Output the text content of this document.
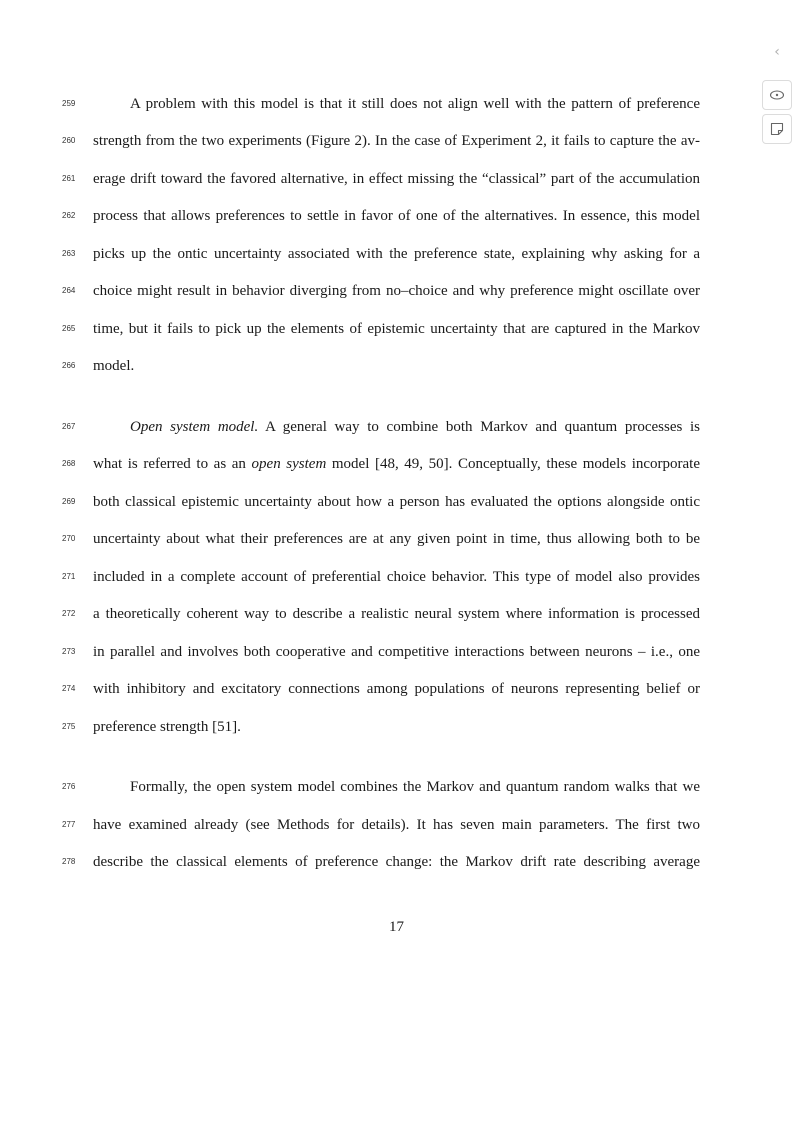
259	A problem with this model is that it still does not align well with the pattern of preference
260	strength from the two experiments (Figure 2). In the case of Experiment 2, it fails to capture the av-
261	erage drift toward the favored alternative, in effect missing the “classical” part of the accumulation
262	process that allows preferences to settle in favor of one of the alternatives. In essence, this model
263	picks up the ontic uncertainty associated with the preference state, explaining why asking for a
264	choice might result in behavior diverging from no–choice and why preference might oscillate over
265	time, but it fails to pick up the elements of epistemic uncertainty that are captured in the Markov
266	model.
267	Open system model. A general way to combine both Markov and quantum processes is
268	what is referred to as an open system model [48, 49, 50]. Conceptually, these models incorporate
269	both classical epistemic uncertainty about how a person has evaluated the options alongside ontic
270	uncertainty about what their preferences are at any given point in time, thus allowing both to be
271	included in a complete account of preferential choice behavior. This type of model also provides
272	a theoretically coherent way to describe a realistic neural system where information is processed
273	in parallel and involves both cooperative and competitive interactions between neurons – i.e., one
274	with inhibitory and excitatory connections among populations of neurons representing belief or
275	preference strength [51].
276	Formally, the open system model combines the Markov and quantum random walks that we
277	have examined already (see Methods for details). It has seven main parameters. The first two
278	describe the classical elements of preference change: the Markov drift rate describing average
17
‹
